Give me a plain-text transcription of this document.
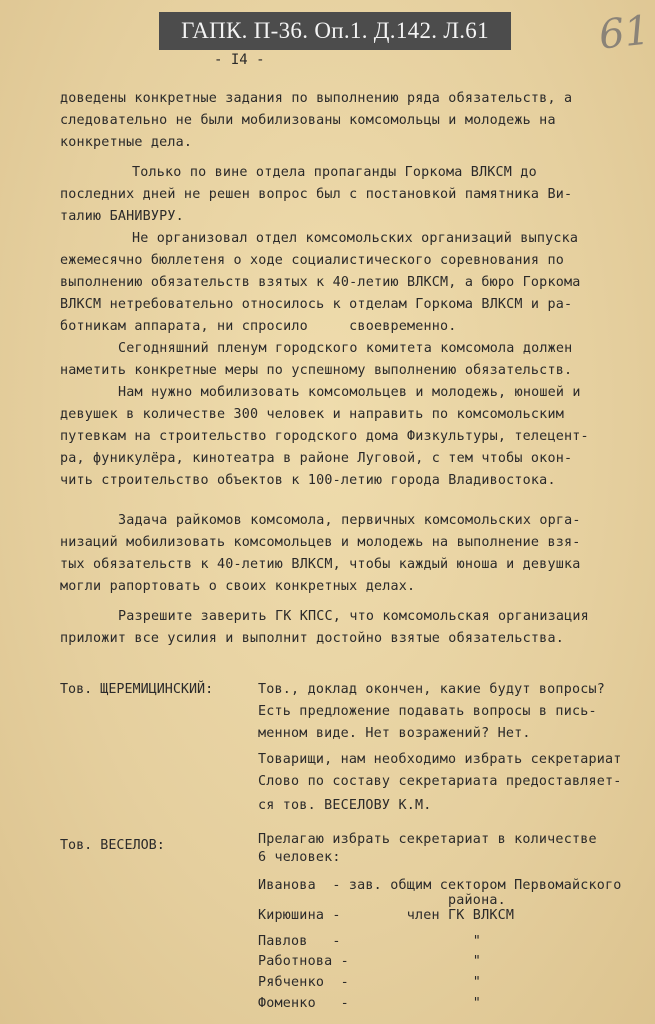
ГАПК. П-36. Оп.1. Д.142. Л.61	61
- I4 -
доведены конкретные задания по выполнению ряда обязательств, а
следовательно не были мобилизованы комсомольцы и молодежь на
конкретные дела.
Только по вине отдела пропаганды Горкома ВЛКСМ до
последних дней не решен вопрос был с постановкой памятника Ви-
талию БАНИВУРУ.
Не организовал отдел комсомольских организаций выпуска
ежемесячно бюллетеня о ходе социалистического соревнования по
выполнению обязательств взятых к 40-летию ВЛКСМ, а бюро Горкома
ВЛКСМ нетребовательно относилось к отделам Горкома ВЛКСМ и ра-
ботникам аппарата, ни спросило     своевременно.
Сегодняшний пленум городского комитета комсомола должен
наметить конкретные меры по успешному выполнению обязательств.
Нам нужно мобилизовать комсомольцев и молодежь, юношей и
девушек в количестве 300 человек и направить по комсомольским
путевкам на строительство городского дома Физкультуры, телецент-
ра, фуникулёра, кинотеатра в районе Луговой, с тем чтобы окон-
чить строительство объектов к 100-летию города Владивостока.
Задача райкомов комсомола, первичных комсомольских орга-
низаций мобилизовать комсомольцев и молодежь на выполнение взя-
тых обязательств к 40-летию ВЛКСМ, чтобы каждый юноша и девушка
могли рапортовать о своих конкретных делах.
Разрешите заверить ГК КПСС, что комсомольская организация
приложит все усилия и выполнит достойно взятые обязательства.
Тов. ЩЕРЕМИЦИНСКИЙ:
Тов. ВЕСЕЛОВ:
Тов., доклад окончен, какие будут вопросы?
Есть предложение подавать вопросы в пись-
менном виде. Нет возражений? Нет.
Товарищи, нам необходимо избрать секретариат
Слово по составу секретариата предоставляет-
ся тов. ВЕСЕЛОВУ К.М.
Прелагаю избрать секретариат в количестве
6 человек:
Иванова  - зав. общим сектором Первомайского
района.
Кирюшина -        член ГК ВЛКСМ
Павлов   -                "
Работнова -               "
Рябченко  -               "
Фоменко   -               "
